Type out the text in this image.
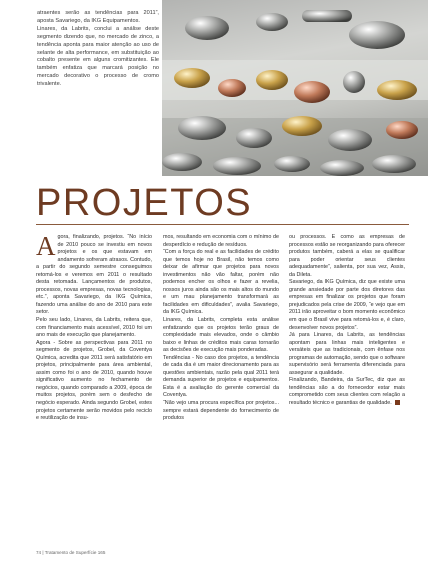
atraentes serão as tendências para 2011”, aposta Savariego, da IKG Equipamentos.

Linares, da Labrits, conclui a análise deste segmento dizendo que, no mercado de zinco, a tendência aponta para maior atenção ao uso de selante de alta performance, em substituição ao cobalto presente em alguns cromitizantes. Ele também enfatiza que marcará posição no mercado decorativo o processo de cromo trivalente.

PROJETOS

Agora, finalizando, projetos. “No início de 2010 pouco se investiu em novos projetos e os que estavam em andamento sofreram atrasos. Contudo, a partir do segundo semestre conseguimos retomá-los e veremos em 2011 o resultado desta retomada. Lançamentos de produtos, processos, novas empresas, novas tecnologias, etc.”, aponta Savariego, da IKG Química, fazendo uma análise do ano de 2010 para este setor.

Pelo seu lado, Linares, da Labrits, reitera que, com financiamento mais acessível, 2010 foi um ano mais de execução que planejamento.

Agora - Sobre as perspectivas para 2011 no segmento de projetos, Grobel, da Coventya Química, acredita que 2011 será satisfatório em projetos, principalmente para área ambiental, assim como foi o ano de 2010, quando houve significativo aumento no fechamento de negócios, quando comparado a 2009, época de muitos projetos, porém sem o desfecho de negócio esperado. Ainda segundo Grobel, estes projetos certamente serão movidos pelo reciclo e reutilização de insu-

mos, resultando em economia com o mínimo de desperdício e redução de resíduos.

“Com a força do real e as facilidades de crédito que temos hoje no Brasil, não temos como deixar de afirmar que projetos para novos investimentos não vão faltar, porém não podemos encher os olhos e fazer a revelia, nossos juros ainda são os mais altos do mundo e um mau planejamento transformará as facilidades em dificuldades”, avalia Savariego, da IKG Química.

Linares, da Labrits, completa esta análise enfatizando que os projetos terão graus de complexidade mais elevados, onde o câmbio baixo e linhas de créditos mais caras tornarão as decisões de execução mais ponderadas.

Tendências - No caso dos projetos, a tendência de cada dia é um maior direcionamento para as questões ambientais, razão pela qual 2011 terá demanda superior de projetos e equipamentos. Esta é a avaliação do gerente comercial da Coventya.

“Não vejo uma procura específica por projetos... sempre estará dependente do fornecimento de produtos

ou processos. E como as empresas de processos estão se reorganizando para oferecer produtos também, caberá a elas se qualificar para poder orientar seus clientes adequadamente”, salienta, por sua vez, Assis, da Dileta.

Savariego, da IKG Química, diz que existe uma grande ansiedade por parte dos diretores das empresas em finalizar os projetos que foram prejudicados pela crise de 2009, “e vejo que em 2011 irão aproveitar o bom momento econômico em que o Brasil vive para retomá-los e, é claro, desenvolver novos projetos”.

Já para Linares, da Labrits, as tendências apontam para linhas mais inteligentes e versáteis que as tradicionais, com ênfase nos programas de automação, sendo que o software supervisório será ferramenta diferenciada para assegurar a qualidade.

Finalizando, Bandeira, da SurTec, diz que as tendências são a do fornecedor estar mais comprometido com seus clientes com relação a resultado técnico e garantias de qualidade.

74 | Tratamento de Superfície 165
